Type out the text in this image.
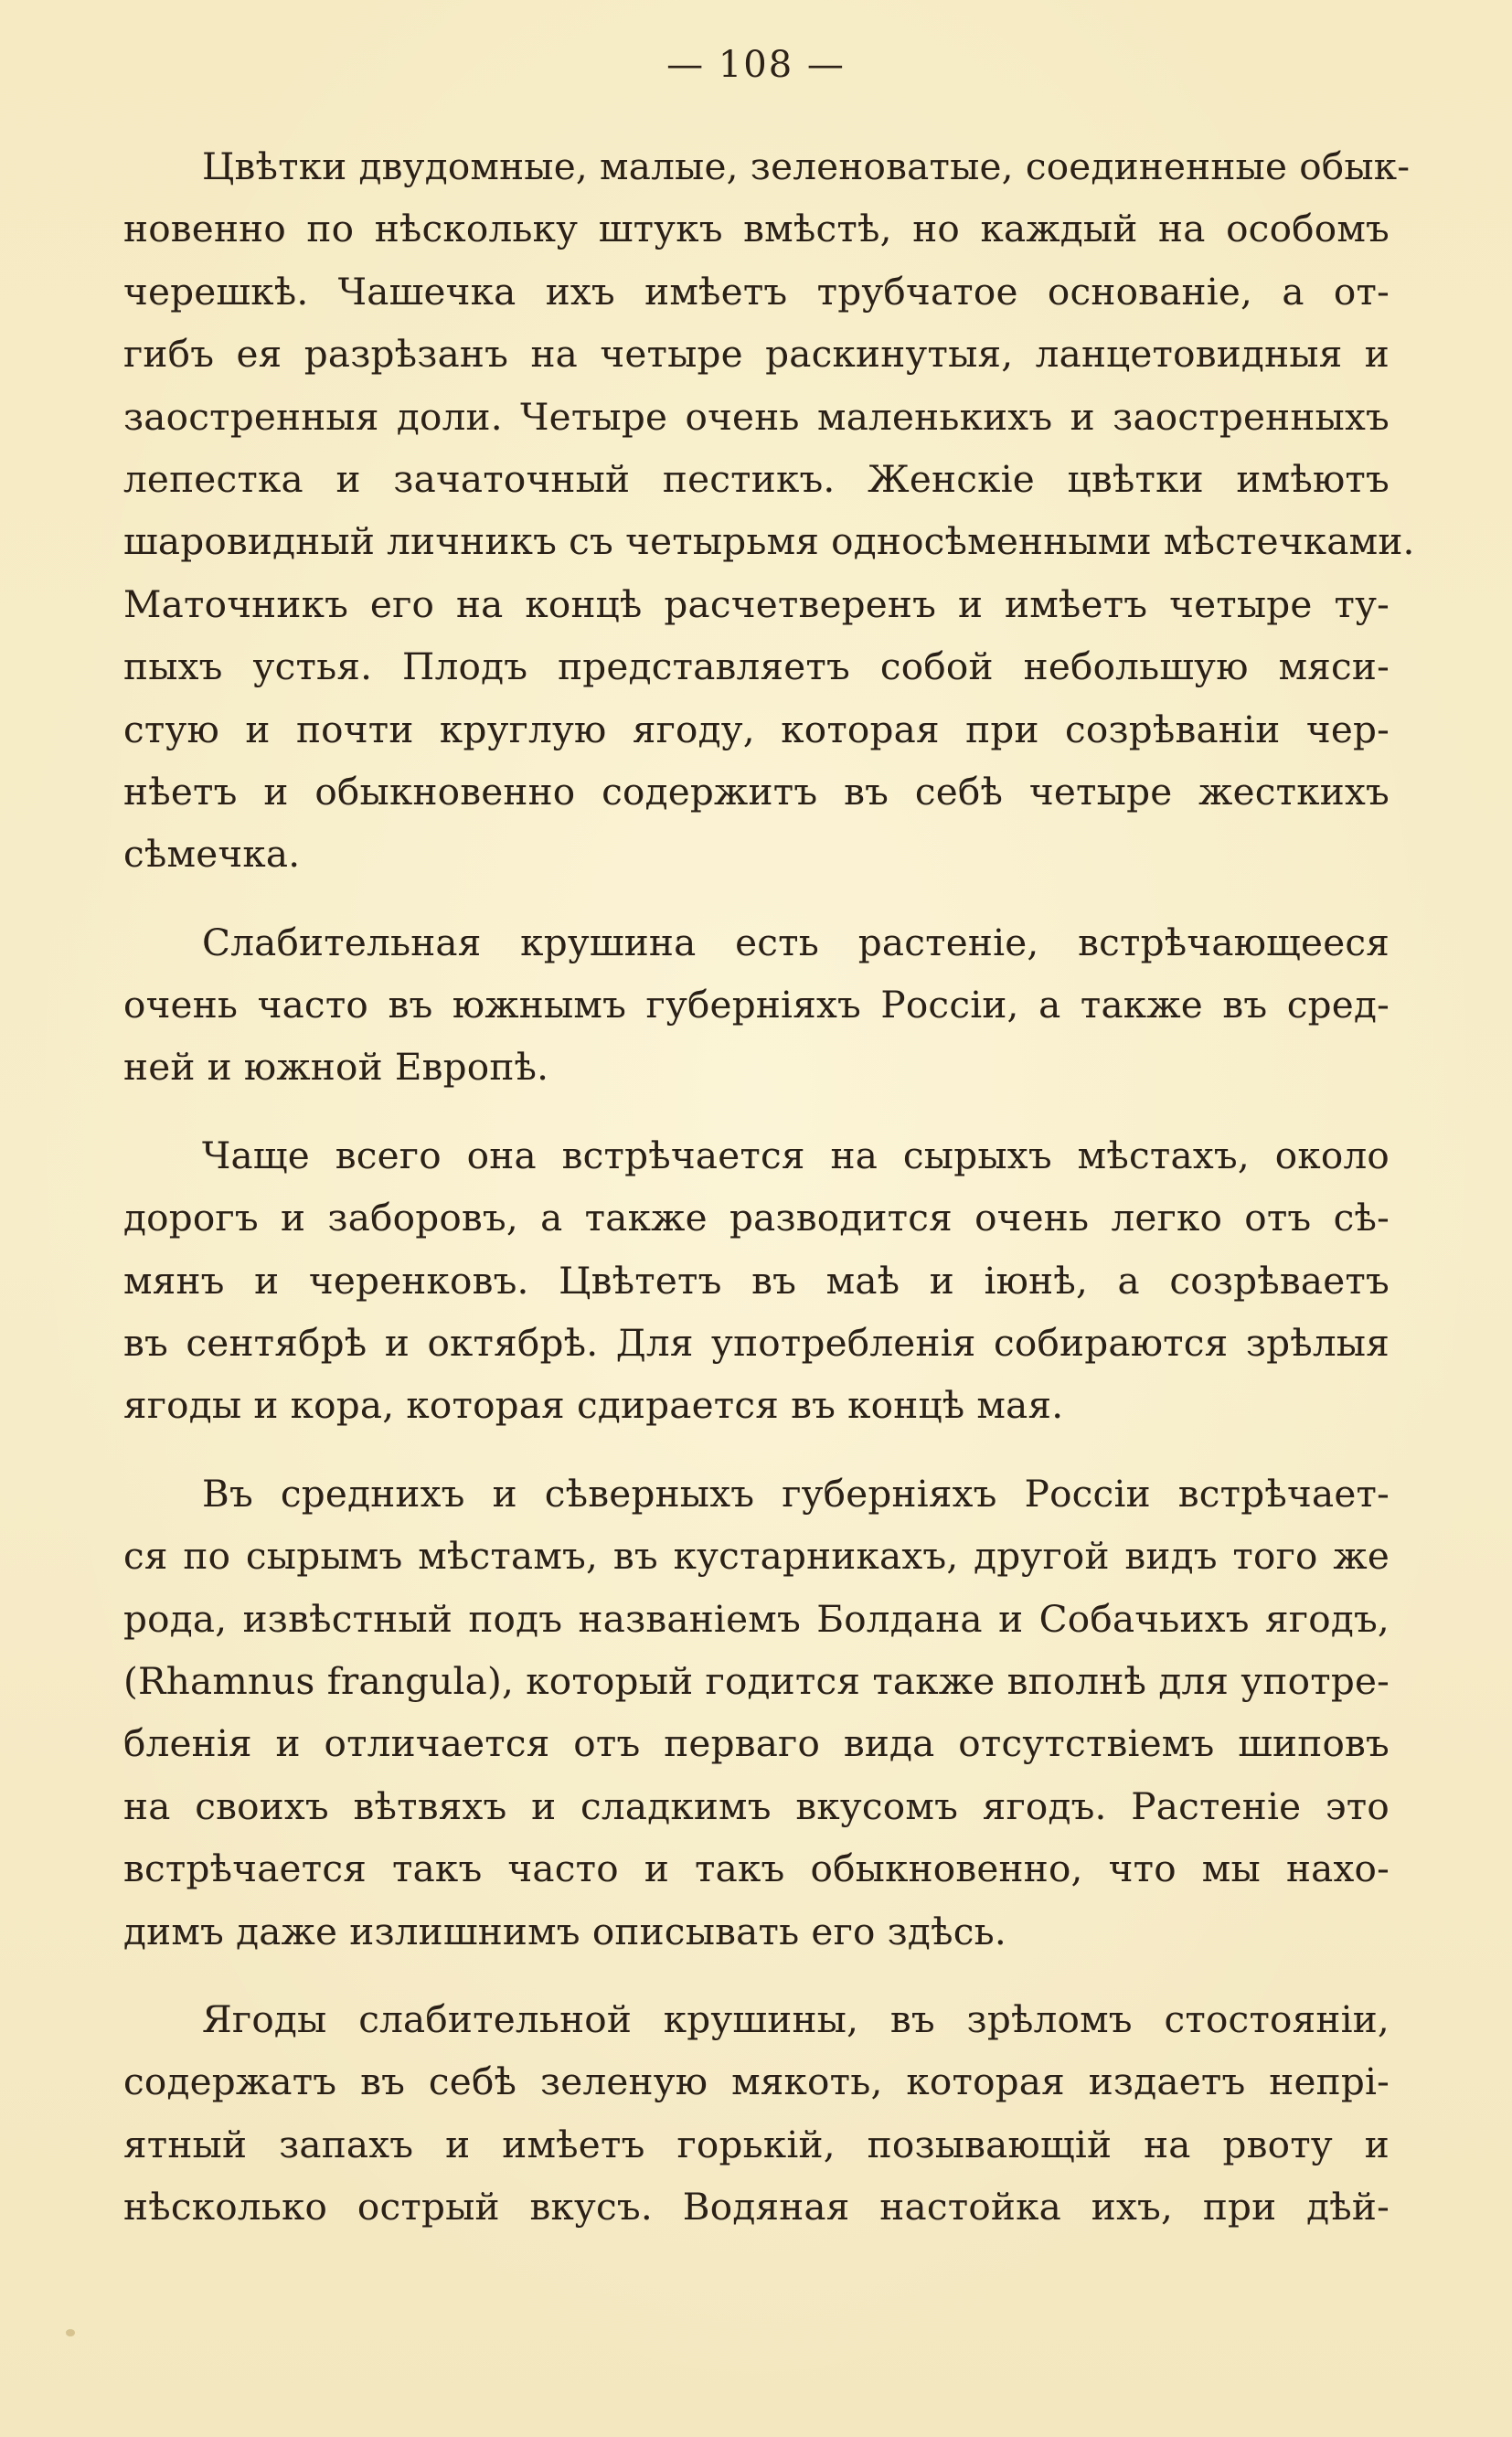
— 108 —
Цвѣтки двудомные, малые, зеленоватые, соединенные обык-
новенно по нѣскольку штукъ вмѣстѣ, но каждый на особомъ
черешкѣ. Чашечка ихъ имѣетъ трубчатое основаніе, а от-
гибъ ея разрѣзанъ на четыре раскинутыя, ланцетовидныя и
заостренныя доли. Четыре очень маленькихъ и заостренныхъ
лепестка и зачаточный пестикъ. Женскіе цвѣтки имѣютъ
шаровидный личникъ съ четырьмя односѣменными мѣстечками.
Маточникъ его на концѣ расчетверенъ и имѣетъ четыре ту-
пыхъ устья. Плодъ представляетъ собой небольшую мяси-
стую и почти круглую ягоду, которая при созрѣваніи чер-
нѣетъ и обыкновенно содержитъ въ себѣ четыре жесткихъ
сѣмечка.
Слабительная крушина есть растеніе, встрѣчающееся
очень часто въ южнымъ губерніяхъ Россіи, а также въ сред-
ней и южной Европѣ.
Чаще всего она встрѣчается на сырыхъ мѣстахъ, около
дорогъ и заборовъ, а также разводится очень легко отъ сѣ-
мянъ и черенковъ. Цвѣтетъ въ маѣ и іюнѣ, а созрѣваетъ
въ сентябрѣ и октябрѣ. Для употребленія собираются зрѣлыя
ягоды и кора, которая сдирается въ концѣ мая.
Въ среднихъ и сѣверныхъ губерніяхъ Россіи встрѣчает-
ся по сырымъ мѣстамъ, въ кустарникахъ, другой видъ того же
рода, извѣстный подъ названіемъ Болдана и Собачьихъ ягодъ,
(Rhamnus frangula), который годится также вполнѣ для употре-
бленія и отличается отъ перваго вида отсутствіемъ шиповъ
на своихъ вѣтвяхъ и сладкимъ вкусомъ ягодъ. Растеніе это
встрѣчается такъ часто и такъ обыкновенно, что мы нахо-
димъ даже излишнимъ описывать его здѣсь.
Ягоды слабительной крушины, въ зрѣломъ стостояніи,
содержатъ въ себѣ зеленую мякоть, которая издаетъ непрі-
ятный запахъ и имѣетъ горькій, позывающій на рвоту и
нѣсколько острый вкусъ. Водяная настойка ихъ, при дѣй-
